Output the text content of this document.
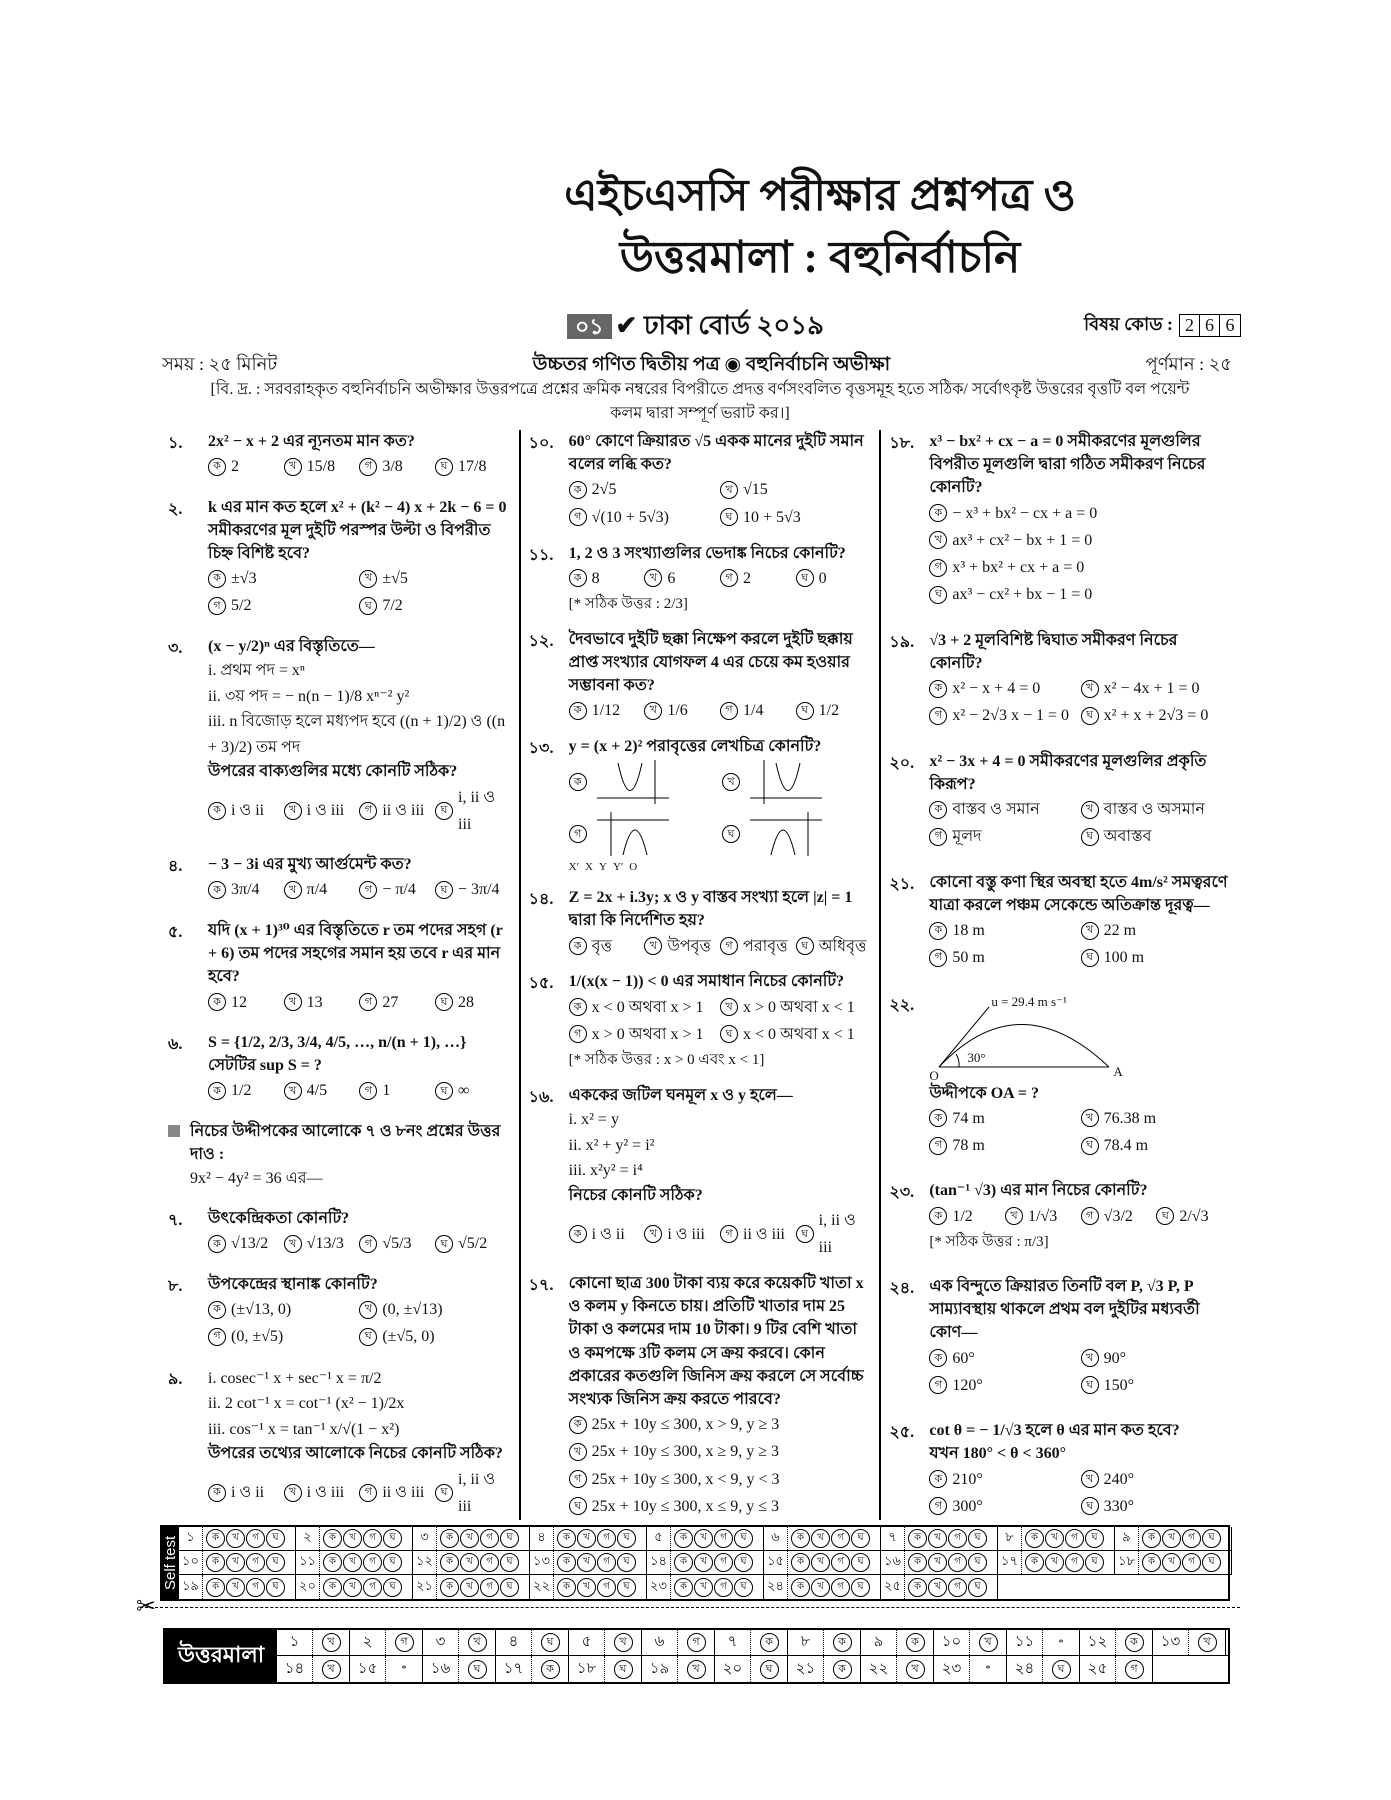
এইচএসসি পরীক্ষার প্রশ্নপত্র ও
উত্তরমালা : বহুনির্বাচনি
০১ ✔ ঢাকা বোর্ড ২০১৯	বিষয় কোড : 2 6 6
সময় : ২৫ মিনিট	উচ্চতর গণিত দ্বিতীয় পত্র ◉ বহুনির্বাচনি অভীক্ষা	পূর্ণমান : ২৫
[বি. দ্র. : সরবরাহকৃত বহুনির্বাচনি অভীক্ষার উত্তরপত্রে প্রশ্নের ক্রমিক নম্বরের বিপরীতে প্রদত্ত বর্ণসংবলিত বৃত্তসমূহ হতে সঠিক/ সর্বোৎকৃষ্ট উত্তরের বৃত্তটি বল পয়েন্ট কলম দ্বারা সম্পূর্ণ ভরাট কর।]
১.	2x² − x + 2 এর ন্যূনতম মান কত?
ক 2	খ 15/8	গ 3/8	ঘ 17/8
২.	k এর মান কত হলে x² + (k² − 4) x + 2k − 6 = 0 সমীকরণের মূল দুইটি পরস্পর উল্টা ও বিপরীত চিহ্ন বিশিষ্ট হবে?
ক ±√3	খ ±√5
গ 5/2	ঘ 7/2
৩.	(x − y/2)ⁿ এর বিস্তৃতিতে—
i. প্রথম পদ = xⁿ
ii. ৩য় পদ = − n(n − 1)/8 xⁿ⁻² y²
iii. n বিজোড় হলে মধ্যপদ হবে ((n + 1)/2) ও ((n + 3)/2) তম পদ
উপরের বাক্যগুলির মধ্যে কোনটি সঠিক?
ক i ও ii	খ i ও iii	গ ii ও iii	ঘ
i, ii ও iii
৪.	− 3 − 3i এর মুখ্য আর্গুমেন্ট কত?
ক 3π/4	খ π/4	গ − π/4	ঘ − 3π/4
৫.	যদি (x + 1)³⁰ এর বিস্তৃতিতে r তম পদের সহগ (r + 6) তম পদের সহগের সমান হয় তবে r এর মান হবে?
ক 12	খ 13	গ 27	ঘ 28
৬.	S = {1/2, 2/3, 3/4, 4/5, …, n/(n + 1), …} সেটটির sup S = ?
ক 1/2	খ 4/5	গ 1	ঘ ∞
নিচের উদ্দীপকের আলোকে ৭ ও ৮নং প্রশ্নের উত্তর দাও :
9x² − 4y² = 36 এর—
৭.	উৎকেন্দ্রিকতা কোনটি?
ক √13/2	খ √13/3	গ √5/3	ঘ √5/2
৮.	উপকেন্দ্রের স্থানাঙ্ক কোনটি?
ক (±√13, 0)	খ (0, ±√13)
গ (0, ±√5)	ঘ (±√5, 0)
৯.	i. cosec⁻¹ x + sec⁻¹ x = π/2
ii. 2 cot⁻¹ x = cot⁻¹ (x² − 1)/2x
iii. cos⁻¹ x = tan⁻¹ x/√(1 − x²)
উপরের তথ্যের আলোকে নিচের কোনটি সঠিক?
ক i ও ii	খ i ও iii	গ ii ও iii	ঘ
i, ii ও iii
১০. 60° কোণে ক্রিয়ারত √5 একক মানের দুইটি সমান বলের লব্ধি কত?
ক 2√5	খ √15
গ √(10 + 5√3)	ঘ 10 + 5√3
১১. 1, 2 ও 3 সংখ্যাগুলির ভেদাঙ্ক নিচের কোনটি?
ক 8	খ 6	গ 2	ঘ 0
[* সঠিক উত্তর : 2/3]
১২. দৈবভাবে দুইটি ছক্কা নিক্ষেপ করলে দুইটি ছক্কায় প্রাপ্ত সংখ্যার যোগফল 4 এর চেয়ে কম হওয়ার সম্ভাবনা কত?
ক 1/12	খ 1/6	গ 1/4	ঘ 1/2
১৩. y = (x + 2)² পরাবৃত্তের লেখচিত্র কোনটি?
ক	খ
গ	ঘ
X′ X Y Y′ O
১৪. Z = 2x + i.3y; x ও y বাস্তব সংখ্যা হলে |z| = 1 দ্বারা কি নির্দেশিত হয়?
ক বৃত্ত	খ উপবৃত্ত	গ পরাবৃত্ত	ঘ অধিবৃত্ত
১৫. 1/(x(x − 1)) < 0 এর সমাধান নিচের কোনটি?
ক x < 0 অথবা x > 1	খ x > 0 অথবা x < 1
গ x > 0 অথবা x > 1	ঘ x < 0 অথবা x < 1
[* সঠিক উত্তর : x > 0 এবং x < 1]
১৬. এককের জটিল ঘনমূল x ও y হলে—
i. x² = y
ii. x² + y² = i²
iii. x²y² = i⁴
নিচের কোনটি সঠিক?
ক i ও ii	খ i ও iii	গ ii ও iii	ঘ
i, ii ও iii
১৭. কোনো ছাত্র 300 টাকা ব্যয় করে কয়েকটি খাতা x ও কলম y কিনতে চায়। প্রতিটি খাতার দাম 25 টাকা ও কলমের দাম 10 টাকা। 9 টির বেশি খাতা ও কমপক্ষে 3টি কলম সে ক্রয় করবে। কোন প্রকারের কতগুলি জিনিস ক্রয় করলে সে সর্বোচ্চ সংখ্যক জিনিস ক্রয় করতে পারবে?
ক 25x + 10y ≤ 300, x > 9, y ≥ 3
খ 25x + 10y ≤ 300, x ≥ 9, y ≥ 3
গ 25x + 10y ≤ 300, x < 9, y < 3
ঘ 25x + 10y ≤ 300, x ≤ 9, y ≤ 3
১৮. x³ − bx² + cx − a = 0 সমীকরণের মূলগুলির বিপরীত মূলগুলি দ্বারা গঠিত সমীকরণ নিচের কোনটি?
ক − x³ + bx² − cx + a = 0
খ ax³ + cx² − bx + 1 = 0
গ x³ + bx² + cx + a = 0
ঘ ax³ − cx² + bx − 1 = 0
১৯. √3 + 2 মূলবিশিষ্ট দ্বিঘাত সমীকরণ নিচের কোনটি?
ক x² − x + 4 = 0	খ x² − 4x + 1 = 0
গ x² − 2√3 x − 1 = 0	ঘ x² + x + 2√3 = 0
২০. x² − 3x + 4 = 0 সমীকরণের মূলগুলির প্রকৃতি কিরূপ?
ক বাস্তব ও সমান	খ বাস্তব ও অসমান
গ মূলদ	ঘ অবাস্তব
২১. কোনো বস্তু কণা স্থির অবস্থা হতে 4m/s² সমত্বরণে যাত্রা করলে পঞ্চম সেকেন্ডে অতিক্রান্ত দূরত্ব—
ক 18 m	খ 22 m
গ 50 m	ঘ 100 m
২২.	u = 29.4 m s⁻¹
30°
O	A
উদ্দীপকে OA = ?
ক 74 m	খ 76.38 m
গ 78 m	ঘ 78.4 m
২৩. (tan⁻¹ √3) এর মান নিচের কোনটি?
ক 1/2	খ 1/√3	গ √3/2	ঘ 2/√3
[* সঠিক উত্তর : π/3]
২৪. এক বিন্দুতে ক্রিয়ারত তিনটি বল P, √3 P, P সাম্যাবস্থায় থাকলে প্রথম বল দুইটির মধ্যবর্তী কোণ—
ক 60°	খ 90°
গ 120°	ঘ 150°
২৫. cot θ = − 1/√3 হলে θ এর মান কত হবে?
যখন 180° < θ < 360°
ক 210°	খ 240°
গ 300°	ঘ 330°
Self test ১	ক	খ	গ	ঘ	২	ক	খ	গ	ঘ	৩	ক	খ	গ	ঘ	৪	ক	খ	গ	ঘ	৫	ক	খ	গ	ঘ	৬	ক	খ	গ	ঘ	৭	ক	খ	গ	ঘ	৮	ক	খ	গ	ঘ	৯	ক	খ	গ	ঘ
১০	ক	খ	গ	ঘ	১১	ক	খ	গ	ঘ	১২	ক	খ	গ	ঘ	১৩	ক	খ	গ	ঘ	১৪	ক	খ	গ	ঘ	১৫	ক	খ	গ	ঘ	১৬	ক	খ	গ	ঘ	১৭	ক	খ	গ	ঘ	১৮	ক	খ	গ	ঘ
১৯	ক	খ	গ	ঘ	২০	ক	খ	গ	ঘ	২১	ক	খ	গ	ঘ	২২	ক	খ	গ	ঘ	২৩	ক	খ	গ	ঘ	২৪	ক	খ	গ	ঘ	২৫	ক	খ	গ	ঘ
✂
উত্তরমালা	১	খ	২	গ	৩	খ	৪	ঘ	৫	খ	৬	গ	৭	ক	৮	ক	৯	ক	১০	খ	১১	*	১২	ক	১৩	খ
১৪	খ	১৫	*	১৬	ঘ	১৭	ক	১৮	ঘ	১৯	খ	২০	ঘ	২১	ক	২২	খ	২৩	*	২৪	ঘ	২৫	গ
